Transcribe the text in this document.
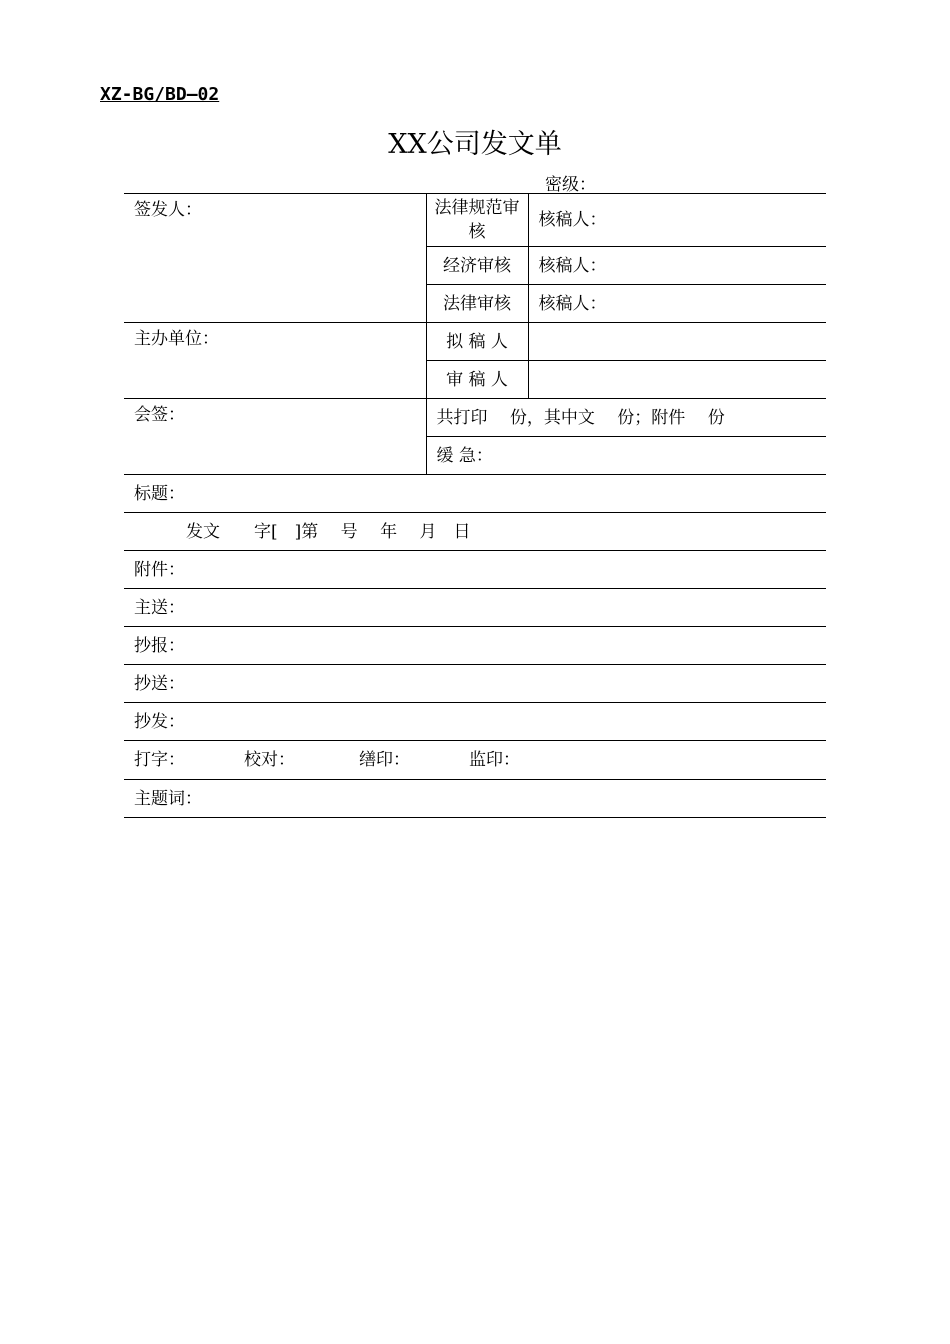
XZ-BG/BD—02
XX公司发文单
密级：
签发人：	法律规范审核	核稿人：
	经济审核	核稿人：
	法律审核	核稿人：
主办单位：	拟 稿 人	
	审 稿 人	
会签：	共打印　 份，其中文　 份；附件　 份	
	缓 急：	
标题：		
发文　　字[　]第　 号　 年　 月　日		
附件：		
主送：		
抄报：		
抄送：		
抄发：		
打字： 校对： 缮印： 监印：		
主题词：		
